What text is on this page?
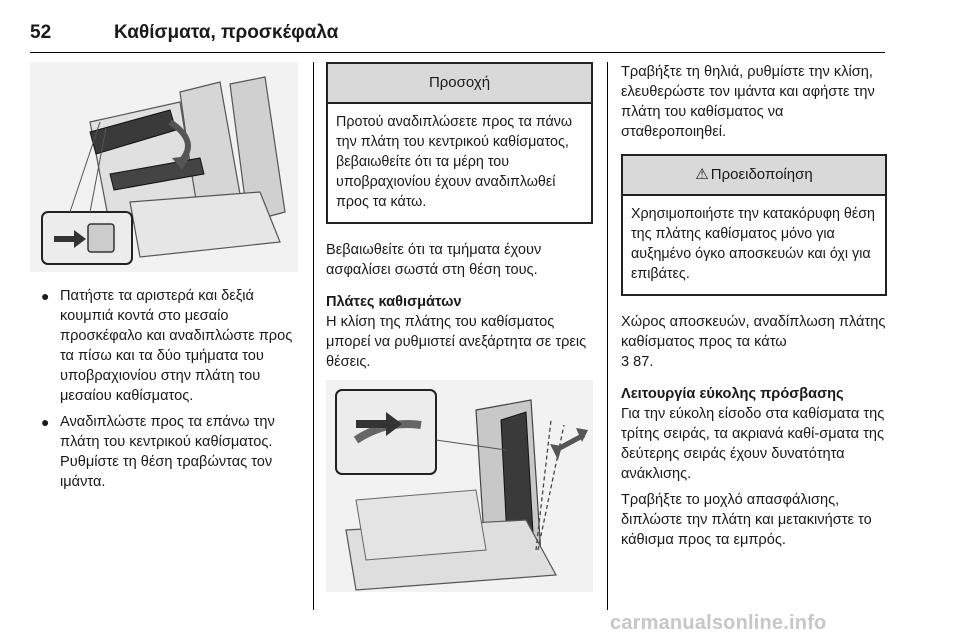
52	Καθίσματα, προσκέφαλα
● Πατήστε τα αριστερά και δεξιά κουμπιά κοντά στο μεσαίο προσκέφαλο και αναδιπλώστε προς τα πίσω και τα δύο τμήματα του υποβραχιονίου στην πλάτη του μεσαίου καθίσματος.
● Αναδιπλώστε προς τα επάνω την πλάτη του κεντρικού καθίσματος. Ρυθμίστε τη θέση τραβώντας τον ιμάντα.
Προσοχή
Προτού αναδιπλώσετε προς τα πάνω την πλάτη του κεντρικού καθίσματος, βεβαιωθείτε ότι τα μέρη του υποβραχιονίου έχουν αναδιπλωθεί προς τα κάτω.

Βεβαιωθείτε ότι τα τμήματα έχουν ασφαλίσει σωστά στη θέση τους.

Πλάτες καθισμάτων
Η κλίση της πλάτης του καθίσματος μπορεί να ρυθμιστεί ανεξάρτητα σε τρεις θέσεις.

Τραβήξτε τη θηλιά, ρυθμίστε την κλίση, ελευθερώστε τον ιμάντα και αφήστε την πλάτη του καθίσματος να σταθεροποιηθεί.

⚠ Προειδοποίηση
Χρησιμοποιήστε την κατακόρυφη θέση της πλάτης καθίσματος μόνο για αυξημένο όγκο αποσκευών και όχι για επιβάτες.

Χώρος αποσκευών, αναδίπλωση πλάτης καθίσματος προς τα κάτω
3 87.

Λειτουργία εύκολης πρόσβασης
Για την εύκολη είσοδο στα καθίσματα της τρίτης σειράς, τα ακριανά καθί-σματα της δεύτερης σειράς έχουν δυνατότητα ανάκλισης.

Τραβήξτε το μοχλό απασφάλισης, διπλώστε την πλάτη και μετακινήστε το κάθισμα προς τα εμπρός.

carmanualsonline.info
